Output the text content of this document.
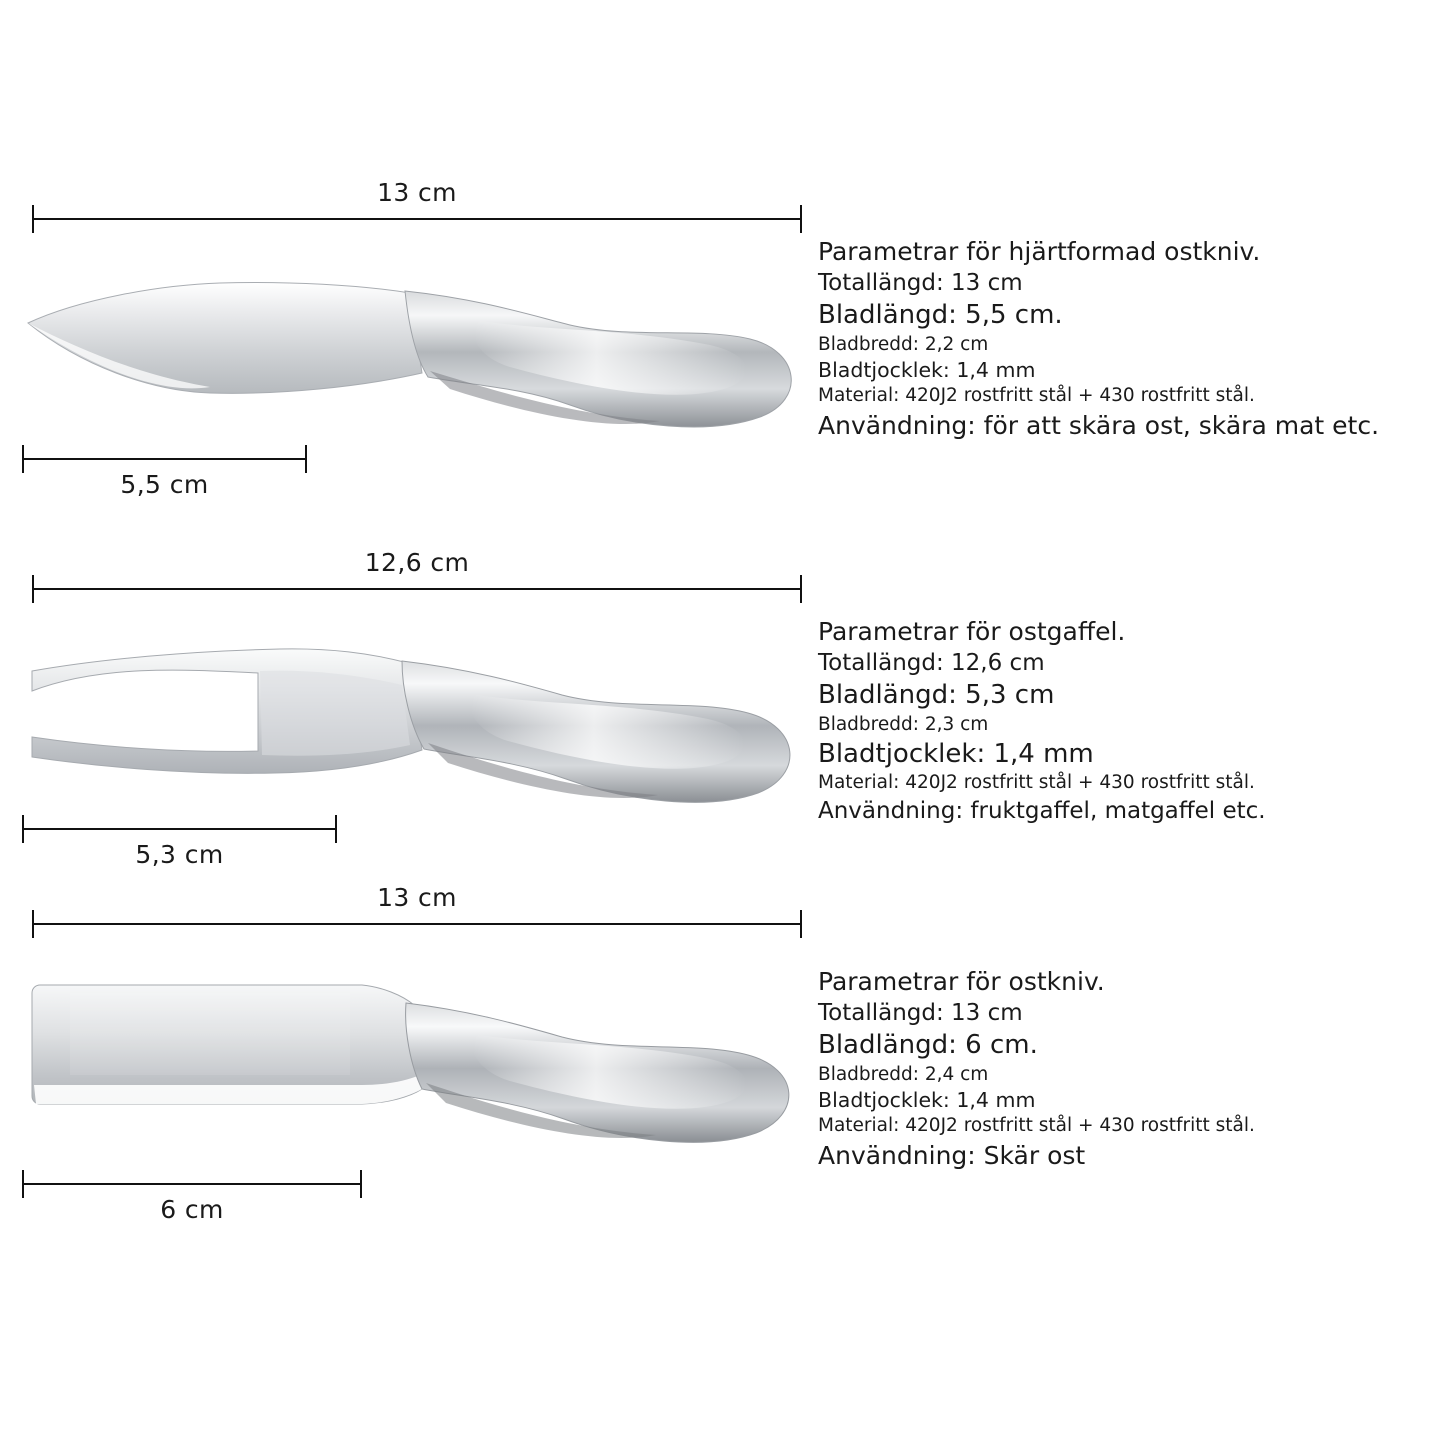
13 cm
5,5 cm
Parametrar för hjärtformad ostkniv.
Totallängd: 13 cm
Bladlängd: 5,5 cm.
Bladbredd: 2,2 cm
Bladtjocklek: 1,4 mm
Material: 420J2 rostfritt stål + 430 rostfritt stål.
Användning: för att skära ost, skära mat etc.
12,6 cm
5,3 cm
Parametrar för ostgaffel.
Totallängd: 12,6 cm
Bladlängd: 5,3 cm
Bladbredd: 2,3 cm
Bladtjocklek: 1,4 mm
Material: 420J2 rostfritt stål + 430 rostfritt stål.
Användning: fruktgaffel, matgaffel etc.
13 cm
6 cm
Parametrar för ostkniv.
Totallängd: 13 cm
Bladlängd: 6 cm.
Bladbredd: 2,4 cm
Bladtjocklek: 1,4 mm
Material: 420J2 rostfritt stål + 430 rostfritt stål.
Användning: Skär ost
